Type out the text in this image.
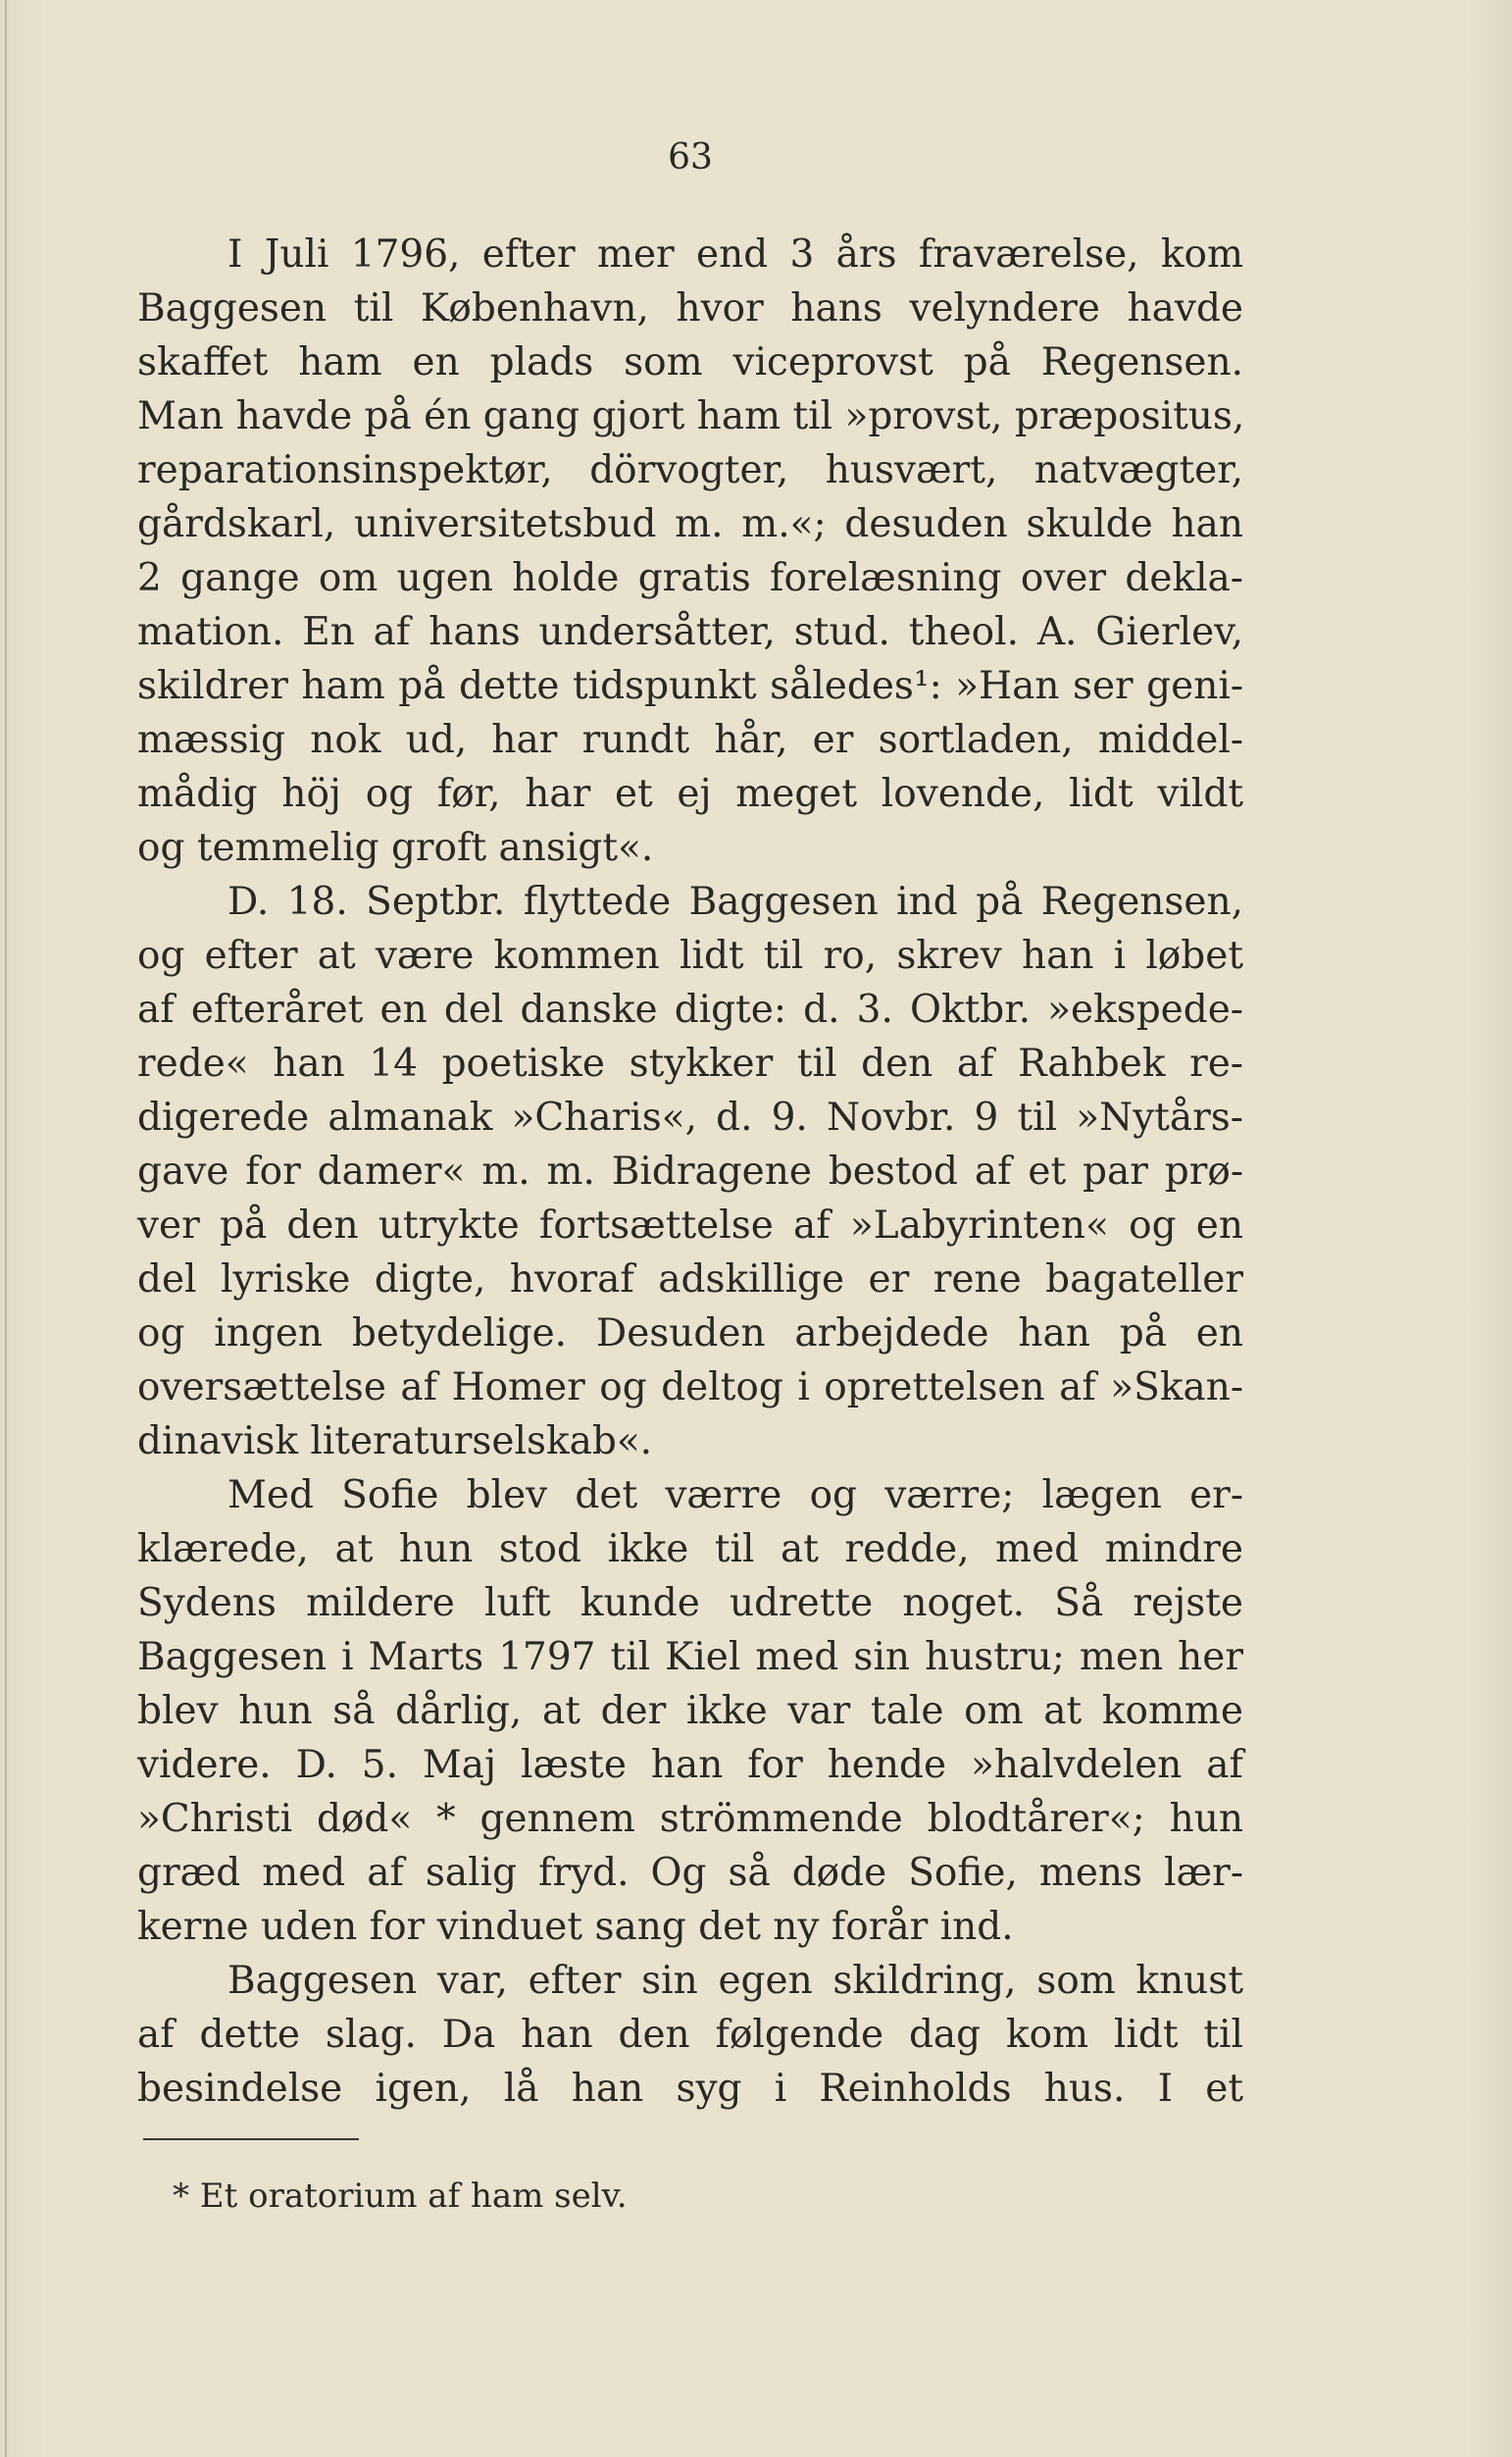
63
I Juli 1796, efter mer end 3 års fraværelse, kom
Baggesen til København, hvor hans velyndere havde
skaffet ham en plads som viceprovst på Regensen.
Man havde på én gang gjort ham til »provst, præpositus,
reparationsinspektør, dörvogter, husvært, natvægter,
gårdskarl, universitetsbud m. m.«; desuden skulde han
2 gange om ugen holde gratis forelæsning over dekla-
mation. En af hans undersåtter, stud. theol. A. Gierlev,
skildrer ham på dette tidspunkt således¹: »Han ser geni-
mæssig nok ud, har rundt hår, er sortladen, middel-
mådig höj og før, har et ej meget lovende, lidt vildt
og temmelig groft ansigt«.
D. 18. Septbr. flyttede Baggesen ind på Regensen,
og efter at være kommen lidt til ro, skrev han i løbet
af efteråret en del danske digte: d. 3. Oktbr. »ekspede-
rede« han 14 poetiske stykker til den af Rahbek re-
digerede almanak »Charis«, d. 9. Novbr. 9 til »Nytårs-
gave for damer« m. m. Bidragene bestod af et par prø-
ver på den utrykte fortsættelse af »Labyrinten« og en
del lyriske digte, hvoraf adskillige er rene bagateller
og ingen betydelige. Desuden arbejdede han på en
oversættelse af Homer og deltog i oprettelsen af »Skan-
dinavisk literaturselskab«.
Med Sofie blev det værre og værre; lægen er-
klærede, at hun stod ikke til at redde, med mindre
Sydens mildere luft kunde udrette noget. Så rejste
Baggesen i Marts 1797 til Kiel med sin hustru; men her
blev hun så dårlig, at der ikke var tale om at komme
videre. D. 5. Maj læste han for hende »halvdelen af
»Christi død« * gennem strömmende blodtårer«; hun
græd med af salig fryd. Og så døde Sofie, mens lær-
kerne uden for vinduet sang det ny forår ind.
Baggesen var, efter sin egen skildring, som knust
af dette slag. Da han den følgende dag kom lidt til
besindelse igen, lå han syg i Reinholds hus. I et
* Et oratorium af ham selv.
